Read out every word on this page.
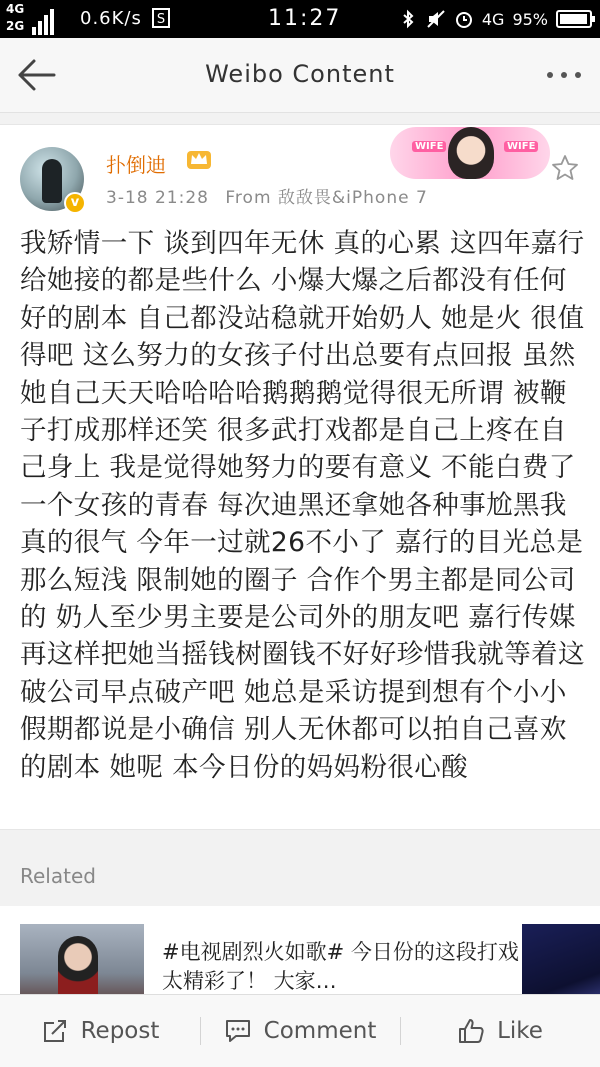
4G
2G	0.6K/s	S	11:27	4G 95%
Weibo Content
v
扑倒迪
3-18 21:28 From 敌敌畏&iPhone 7
WIFE	WIFE
我矫情一下 谈到四年无休 真的心累 这四年嘉行给她接的都是些什么 小爆大爆之后都没有任何好的剧本 自己都没站稳就开始奶人 她是火 很值得吧 这么努力的女孩子付出总要有点回报 虽然她自己天天哈哈哈哈鹅鹅鹅觉得很无所谓 被鞭子打成那样还笑 很多武打戏都是自己上疼在自己身上 我是觉得她努力的要有意义 不能白费了一个女孩的青春 每次迪黑还拿她各种事尬黑我真的很气 今年一过就26不小了 嘉行的目光总是那么短浅 限制她的圈子 合作个男主都是同公司的 奶人至少男主要是公司外的朋友吧 嘉行传媒再这样把她当摇钱树圈钱不好好珍惜我就等着这破公司早点破产吧 她总是采访提到想有个小小假期都说是小确信 别人无休都可以拍自己喜欢的剧本 她呢 本今日份的妈妈粉很心酸
Related
#电视剧烈火如歌# 今日份的这段打戏太精彩了！ 大家…
Repost	Comment	Like
